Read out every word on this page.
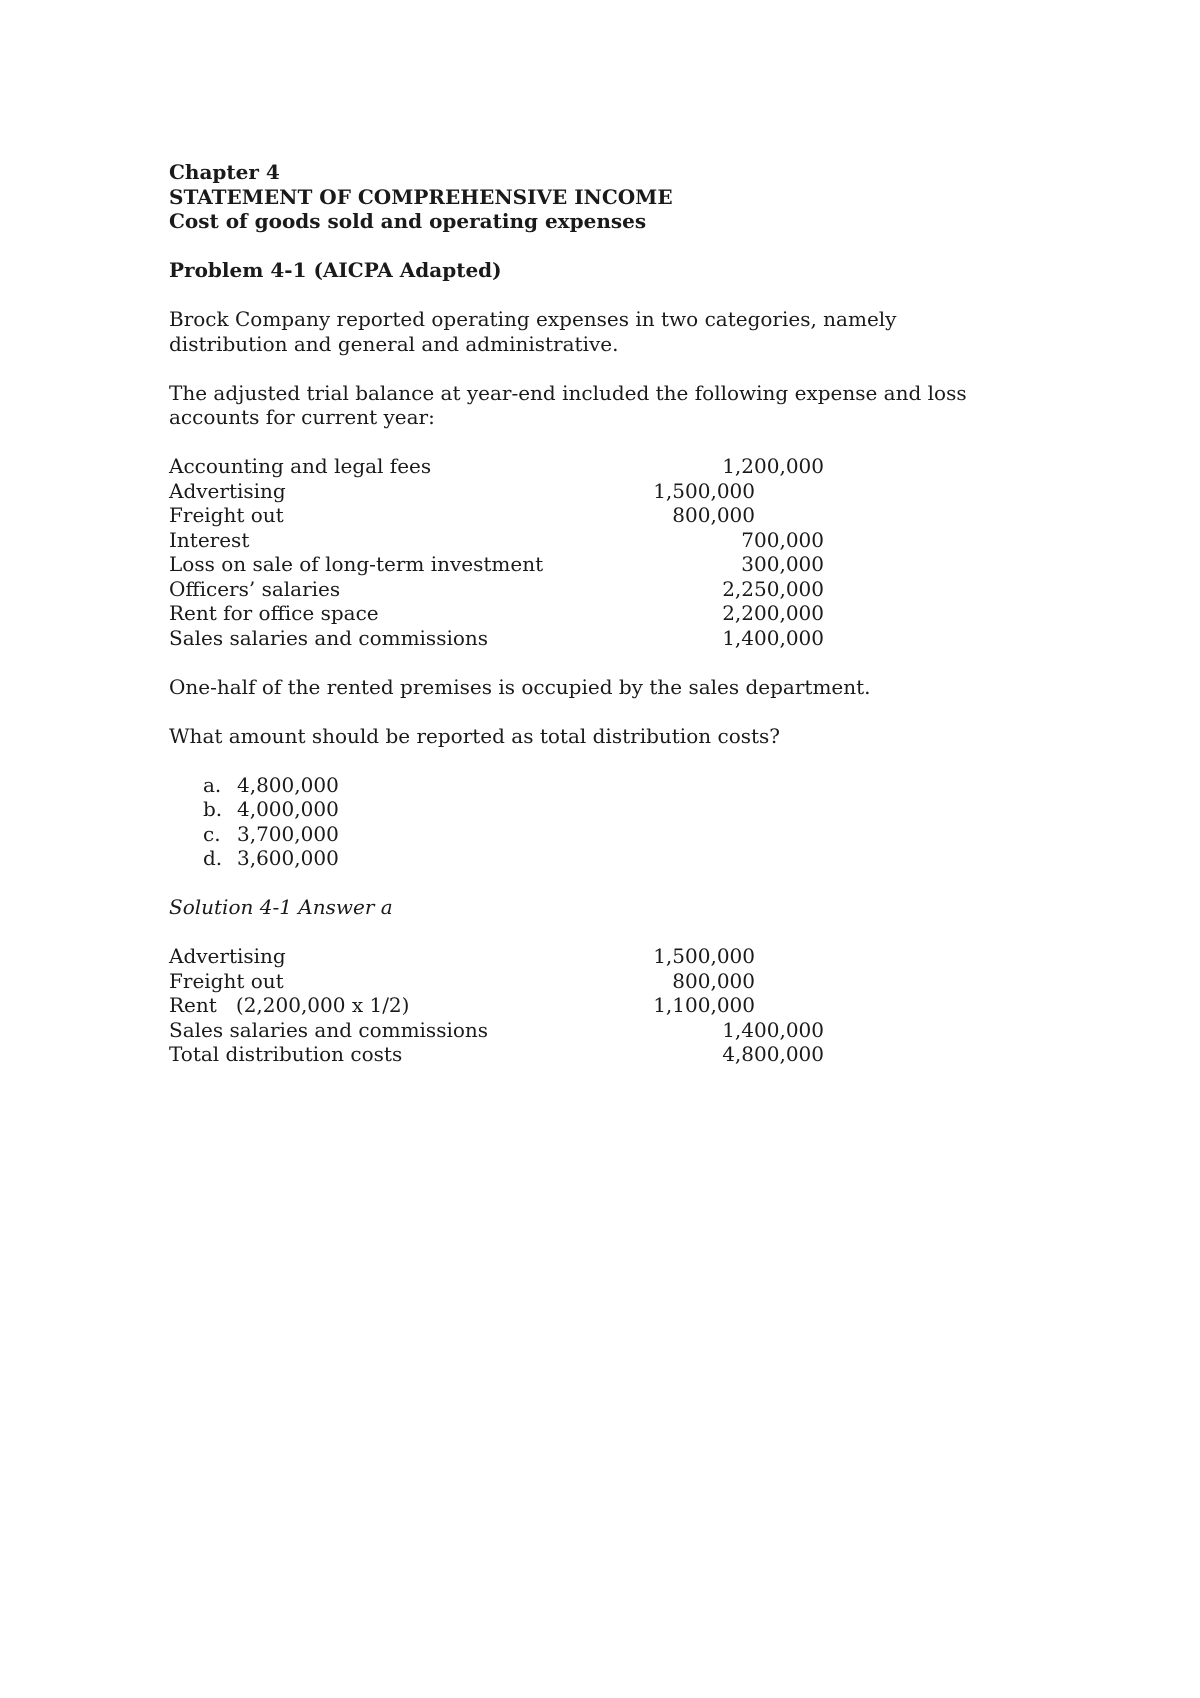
Chapter 4
STATEMENT OF COMPREHENSIVE INCOME
Cost of goods sold and operating expenses
Problem 4-1 (AICPA Adapted)
Brock Company reported operating expenses in two categories, namely
distribution and general and administrative.
The adjusted trial balance at year-end included the following expense and loss
accounts for current year:
Accounting and legal fees	1,200,000
Advertising	1,500,000
Freight out	800,000
Interest	700,000
Loss on sale of long-term investment	300,000
Officers’ salaries	2,250,000
Rent for office space	2,200,000
Sales salaries and commissions	1,400,000
One-half of the rented premises is occupied by the sales department.
What amount should be reported as total distribution costs?
a. 4,800,000
b. 4,000,000
c. 3,700,000
d. 3,600,000
Solution 4-1 Answer a
Advertising	1,500,000
Freight out	800,000
Rent   (2,200,000 x 1/2)	1,100,000
Sales salaries and commissions	1,400,000
Total distribution costs	4,800,000
